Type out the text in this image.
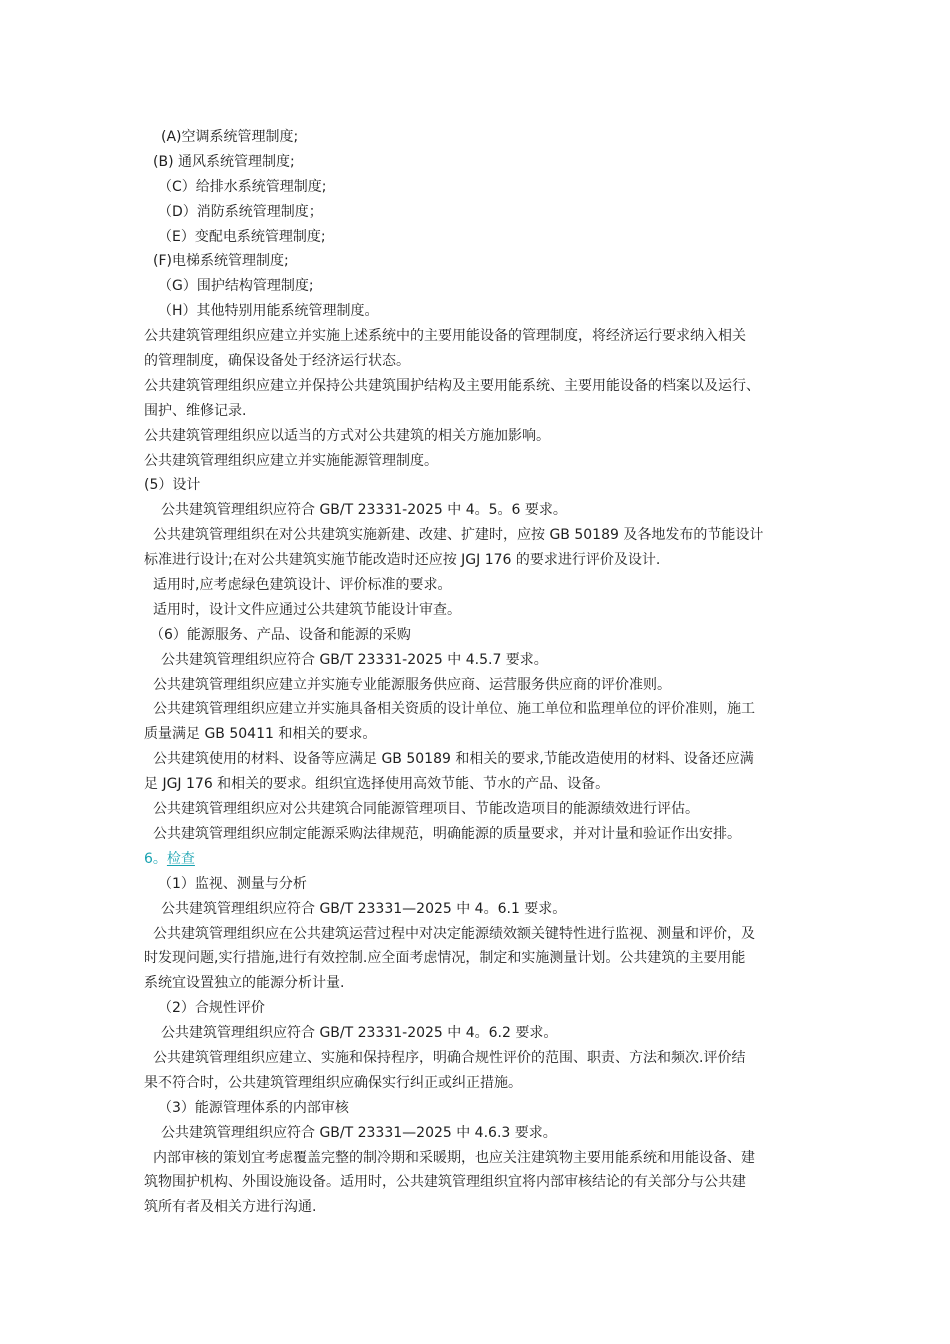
(A)空调系统管理制度;
(B) 通风系统管理制度;
（C）给排水系统管理制度;
（D）消防系统管理制度；
（E）变配电系统管理制度;
(F)电梯系统管理制度;
（G）围护结构管理制度;
（H）其他特别用能系统管理制度。
公共建筑管理组织应建立并实施上述系统中的主要用能设备的管理制度，将经济运行要求纳入相关
的管理制度，确保设备处于经济运行状态。
公共建筑管理组织应建立并保持公共建筑围护结构及主要用能系统、主要用能设备的档案以及运行、
围护、维修记录.
公共建筑管理组织应以适当的方式对公共建筑的相关方施加影响。
公共建筑管理组织应建立并实施能源管理制度。
(5）设计
公共建筑管理组织应符合 GB/T 23331-2025 中 4。5。6 要求。
公共建筑管理组织在对公共建筑实施新建、改建、扩建时，应按 GB 50189 及各地发布的节能设计
标准进行设计;在对公共建筑实施节能改造时还应按 JGJ 176 的要求进行评价及设计.
适用时,应考虑绿色建筑设计、评价标准的要求。
适用时，设计文件应通过公共建筑节能设计审查。
（6）能源服务、产品、设备和能源的采购
公共建筑管理组织应符合 GB/T 23331-2025 中 4.5.7 要求。
公共建筑管理组织应建立并实施专业能源服务供应商、运营服务供应商的评价准则。
公共建筑管理组织应建立并实施具备相关资质的设计单位、施工单位和监理单位的评价准则，施工
质量满足 GB 50411 和相关的要求。
公共建筑使用的材料、设备等应满足 GB 50189 和相关的要求,节能改造使用的材料、设备还应满
足 JGJ 176 和相关的要求。组织宜选择使用高效节能、节水的产品、设备。
公共建筑管理组织应对公共建筑合同能源管理项目、节能改造项目的能源绩效进行评估。
公共建筑管理组织应制定能源采购法律规范，明确能源的质量要求，并对计量和验证作出安排。
6。检查
（1）监视、测量与分析
公共建筑管理组织应符合 GB/T 23331—2025 中 4。6.1 要求。
公共建筑管理组织应在公共建筑运营过程中对决定能源绩效额关键特性进行监视、测量和评价，及
时发现问题,实行措施,进行有效控制.应全面考虑情况，制定和实施测量计划。公共建筑的主要用能
系统宜设置独立的能源分析计量.
（2）合规性评价
公共建筑管理组织应符合 GB/T 23331-2025 中 4。6.2 要求。
公共建筑管理组织应建立、实施和保持程序，明确合规性评价的范围、职责、方法和频次.评价结
果不符合时，公共建筑管理组织应确保实行纠正或纠正措施。
（3）能源管理体系的内部审核
公共建筑管理组织应符合 GB/T 23331—2025 中 4.6.3 要求。
内部审核的策划宜考虑覆盖完整的制冷期和采暖期，也应关注建筑物主要用能系统和用能设备、建
筑物围护机构、外围设施设备。适用时，公共建筑管理组织宜将内部审核结论的有关部分与公共建
筑所有者及相关方进行沟通.
